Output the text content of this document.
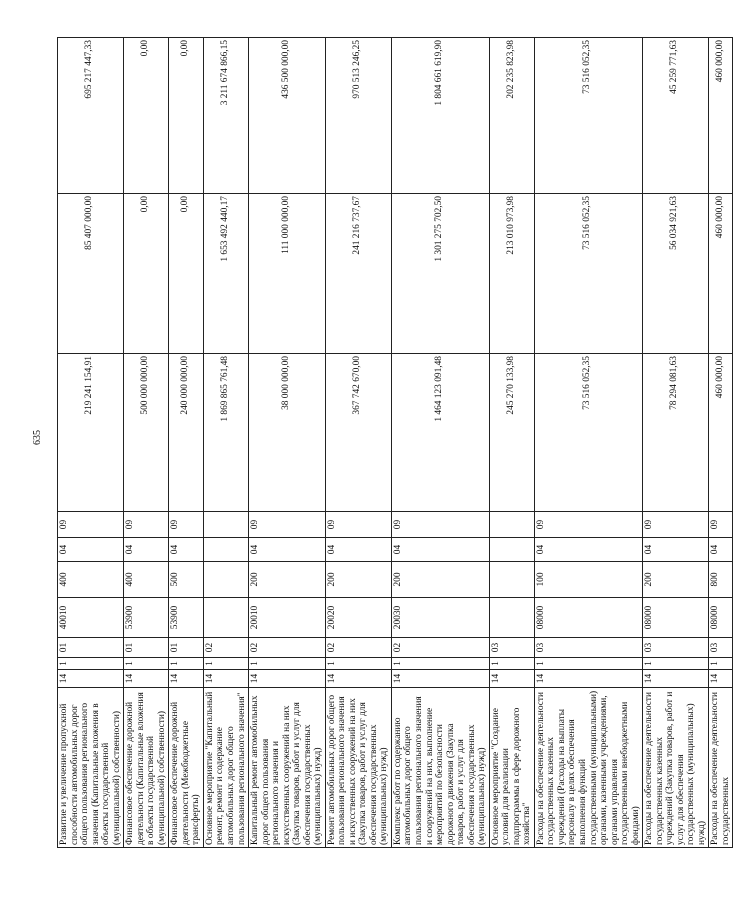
635
Развитие и увеличение пропускной способности автомобильных дорог общего пользования регионального значения (Капитальные вложения в объекты государственной (муниципальной) собственности)	14	1	01	40010	400	04	09	219 241 154,91	85 407 000,00	695 217 447,33
Финансовое обеспечение дорожной деятельности (Капитальные вложения в объекты государственной (муниципальной) собственности)	14	1	01	53900	400	04	09	500 000 000,00	0,00	0,00
Финансовое обеспечение дорожной деятельности (Межбюджетные трансферты)	14	1	01	53900	500	04	09	240 000 000,00	0,00	0,00
Основное мероприятие "Капитальный ремонт, ремонт и содержание автомобильных дорог общего пользования регионального значения"	14	1	02					1 869 865 761,48	1 653 492 440,17	3 211 674 866,15
Капитальный ремонт автомобильных дорог общего пользования регионального значения и искусственных сооружений на них (Закупка товаров, работ и услуг для обеспечения государственных (муниципальных) нужд)	14	1	02	20010	200	04	09	38 000 000,00	111 000 000,00	436 500 000,00
Ремонт автомобильных дорог общего пользования регионального значения и искусственных сооружений на них (Закупка товаров, работ и услуг для обеспечения государственных (муниципальных) нужд)	14	1	02	20020	200	04	09	367 742 670,00	241 216 737,67	970 513 246,25
Комплекс работ по содержанию автомобильных дорог общего пользования регионального значения и сооружений на них, выполнение мероприятий по безопасности дорожного движения (Закупка товаров, работ и услуг для обеспечения государственных (муниципальных) нужд)	14	1	02	20030	200	04	09	1 464 123 091,48	1 301 275 702,50	1 804 661 619,90
Основное мероприятие "Создание условий для реализации подпрограммы в сфере дорожного хозяйства"	14	1	03					245 270 133,98	213 010 973,98	202 235 823,98
Расходы на обеспечение деятельности государственных казенных учреждений (Расходы на выплаты персоналу в целях обеспечения выполнения функций государственными (муниципальными) органами, казенными учреждениями, органами управления государственными внебюджетными фондами)	14	1	03	08000	100	04	09	73 516 052,35	73 516 052,35	73 516 052,35
Расходы на обеспечение деятельности государственных казенных учреждений (Закупка товаров, работ и услуг для обеспечения государственных (муниципальных) нужд)	14	1	03	08000	200	04	09	78 294 081,63	56 034 921,63	45 259 771,63
Расходы на обеспечение деятельности государственных	14	1	03	08000	800	04	09	460 000,00	460 000,00	460 000,00
